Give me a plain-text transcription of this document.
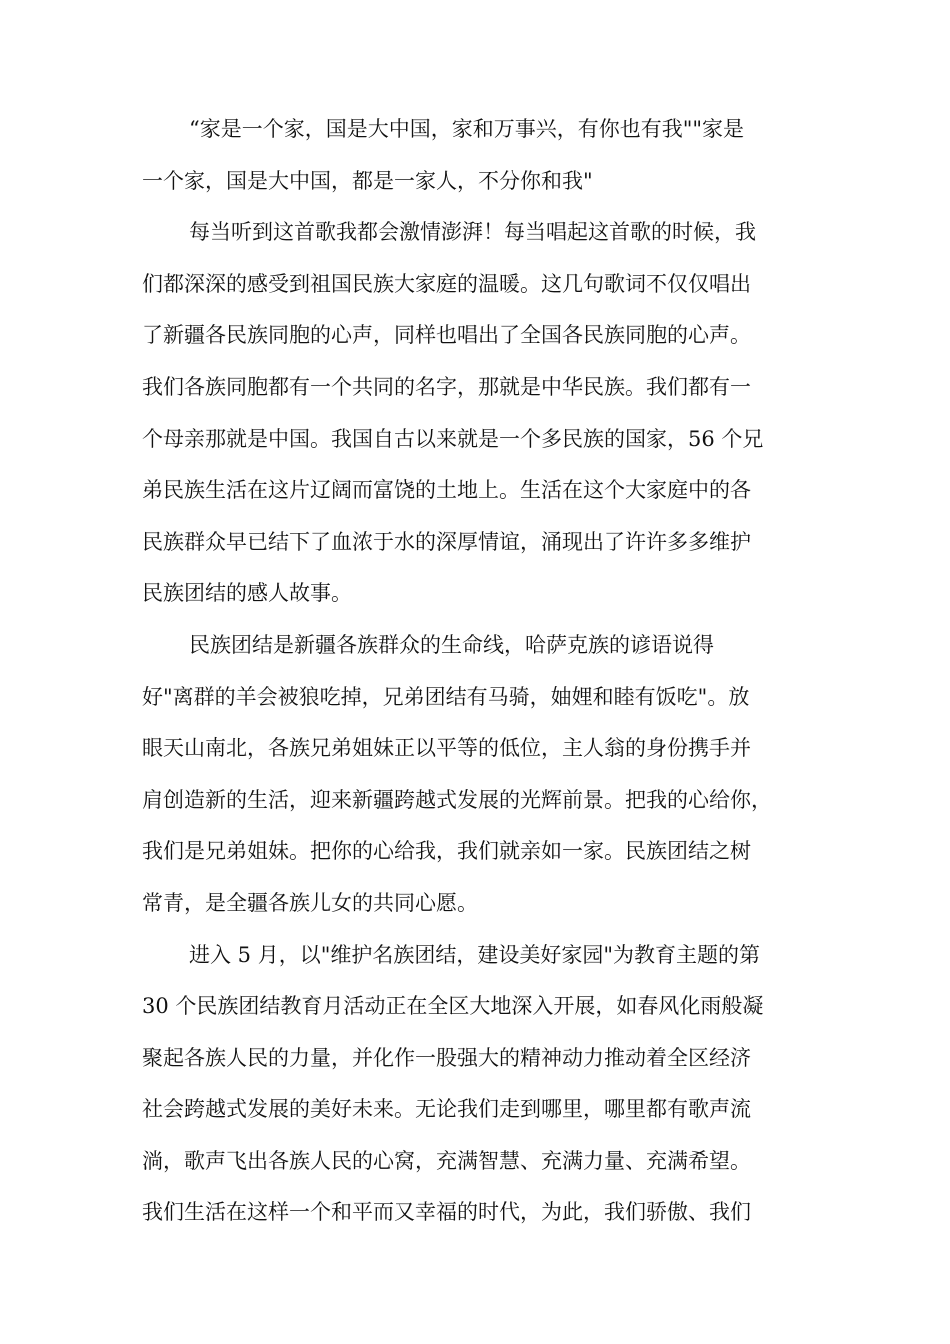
“家是一个家，国是大中国，家和万事兴，有你也有我""家是
一个家，国是大中国，都是一家人，不分你和我"
每当听到这首歌我都会激情澎湃！每当唱起这首歌的时候，我
们都深深的感受到祖国民族大家庭的温暖。这几句歌词不仅仅唱出
了新疆各民族同胞的心声，同样也唱出了全国各民族同胞的心声。
我们各族同胞都有一个共同的名字，那就是中华民族。我们都有一
个母亲那就是中国。我国自古以来就是一个多民族的国家，56 个兄
弟民族生活在这片辽阔而富饶的土地上。生活在这个大家庭中的各
民族群众早已结下了血浓于水的深厚情谊，涌现出了许许多多维护
民族团结的感人故事。
民族团结是新疆各族群众的生命线，哈萨克族的谚语说得
好"离群的羊会被狼吃掉，兄弟团结有马骑，妯娌和睦有饭吃"。放
眼天山南北，各族兄弟姐妹正以平等的低位，主人翁的身份携手并
肩创造新的生活，迎来新疆跨越式发展的光辉前景。把我的心给你，
我们是兄弟姐妹。把你的心给我，我们就亲如一家。民族团结之树
常青，是全疆各族儿女的共同心愿。
进入 5 月，以"维护名族团结，建设美好家园"为教育主题的第
30 个民族团结教育月活动正在全区大地深入开展，如春风化雨般凝
聚起各族人民的力量，并化作一股强大的精神动力推动着全区经济
社会跨越式发展的美好未来。无论我们走到哪里，哪里都有歌声流
淌，歌声飞出各族人民的心窝，充满智慧、充满力量、充满希望。
我们生活在这样一个和平而又幸福的时代，为此，我们骄傲、我们
